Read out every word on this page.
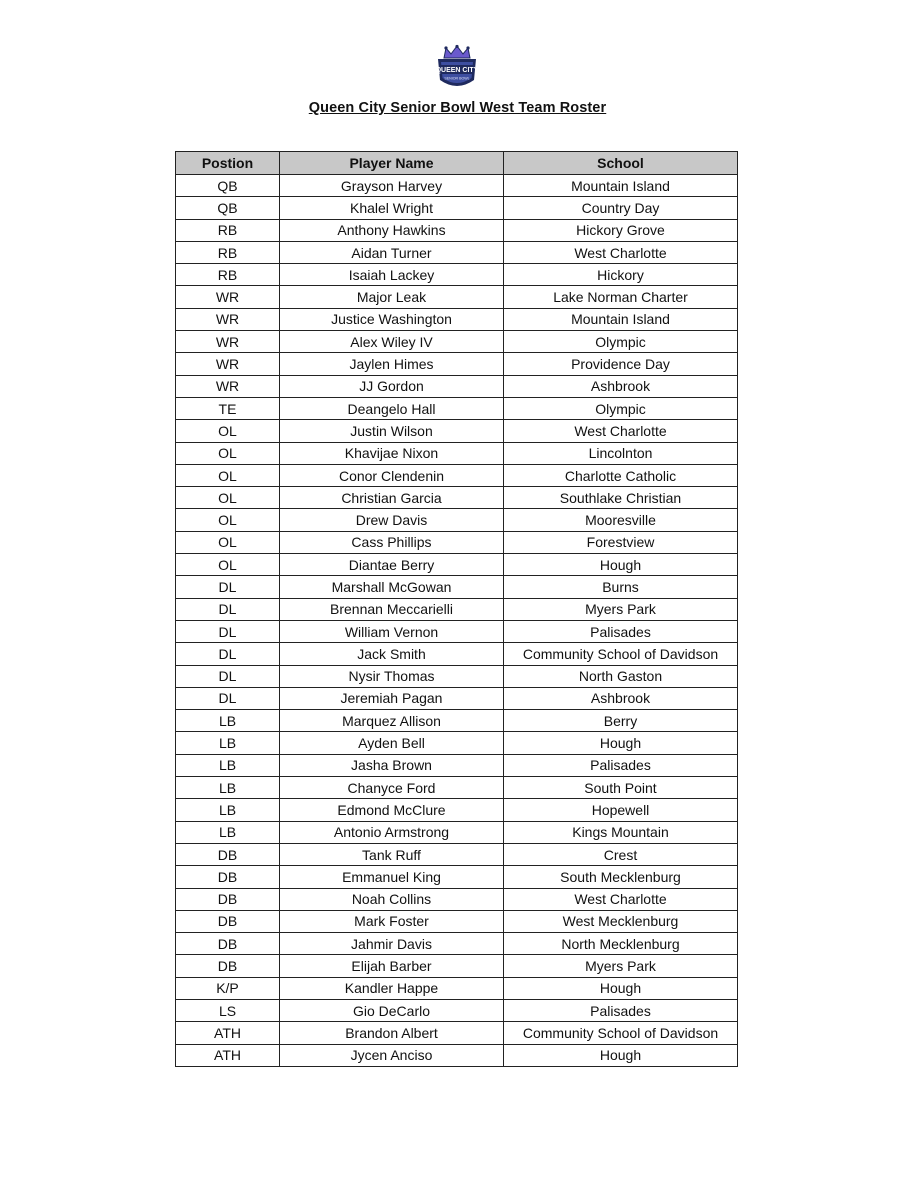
QUEEN CITY
SENIOR BOWL
Queen City Senior Bowl West Team Roster
Postion	Player Name	School
QB	Grayson Harvey	Mountain Island
QB	Khalel Wright	Country Day
RB	Anthony Hawkins	Hickory Grove
RB	Aidan Turner	West Charlotte
RB	Isaiah Lackey	Hickory
WR	Major Leak	Lake Norman Charter
WR	Justice Washington	Mountain Island
WR	Alex Wiley IV	Olympic
WR	Jaylen Himes	Providence Day
WR	JJ Gordon	Ashbrook
TE	Deangelo Hall	Olympic
OL	Justin Wilson	West Charlotte
OL	Khavijae Nixon	Lincolnton
OL	Conor Clendenin	Charlotte Catholic
OL	Christian Garcia	Southlake Christian
OL	Drew Davis	Mooresville
OL	Cass Phillips	Forestview
OL	Diantae Berry	Hough
DL	Marshall McGowan	Burns
DL	Brennan Meccarielli	Myers Park
DL	William Vernon	Palisades
DL	Jack Smith	Community School of Davidson
DL	Nysir Thomas	North Gaston
DL	Jeremiah Pagan	Ashbrook
LB	Marquez Allison	Berry
LB	Ayden Bell	Hough
LB	Jasha Brown	Palisades
LB	Chanyce Ford	South Point
LB	Edmond McClure	Hopewell
LB	Antonio Armstrong	Kings Mountain
DB	Tank Ruff	Crest
DB	Emmanuel King	South Mecklenburg
DB	Noah Collins	West Charlotte
DB	Mark Foster	West Mecklenburg
DB	Jahmir Davis	North Mecklenburg
DB	Elijah Barber	Myers Park
K/P	Kandler Happe	Hough
LS	Gio DeCarlo	Palisades
ATH	Brandon Albert	Community School of Davidson
ATH	Jycen Anciso	Hough
